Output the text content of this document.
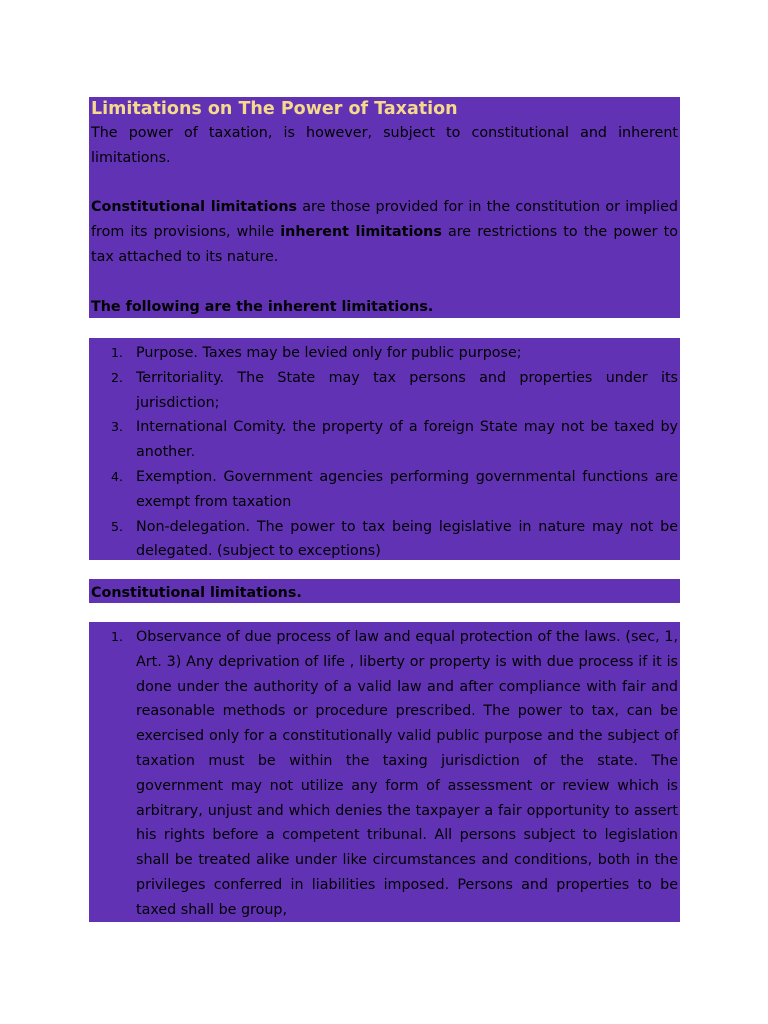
Limitations on The Power of Taxation

The power of taxation, is however, subject to constitutional and inherent limitations.

Constitutional limitations are those provided for in the constitution or implied from its provisions, while inherent limitations are restrictions to the power to tax attached to its nature.

The following are the inherent limitations.

1. Purpose. Taxes may be levied only for public purpose;
2. Territoriality. The State may tax persons and properties under its jurisdiction;
3. International Comity. the property of a foreign State may not be taxed by another.
4. Exemption. Government agencies performing governmental functions are exempt from taxation
5. Non-delegation. The power to tax being legislative in nature may not be delegated. (subject to exceptions)

Constitutional limitations.

1. Observance of due process of law and equal protection of the laws. (sec, 1, Art. 3) Any deprivation of life , liberty or property is with due process if it is done under the authority of a valid law and after compliance with fair and reasonable methods or procedure prescribed. The power to tax, can be exercised only for a constitutionally valid public purpose and the subject of taxation must be within the taxing jurisdiction of the state. The government may not utilize any form of assessment or review which is arbitrary, unjust and which denies the taxpayer a fair opportunity to assert his rights before a competent tribunal. All persons subject to legislation shall be treated alike under like circumstances and conditions, both in the privileges conferred in liabilities imposed. Persons and properties to be taxed shall be group,
